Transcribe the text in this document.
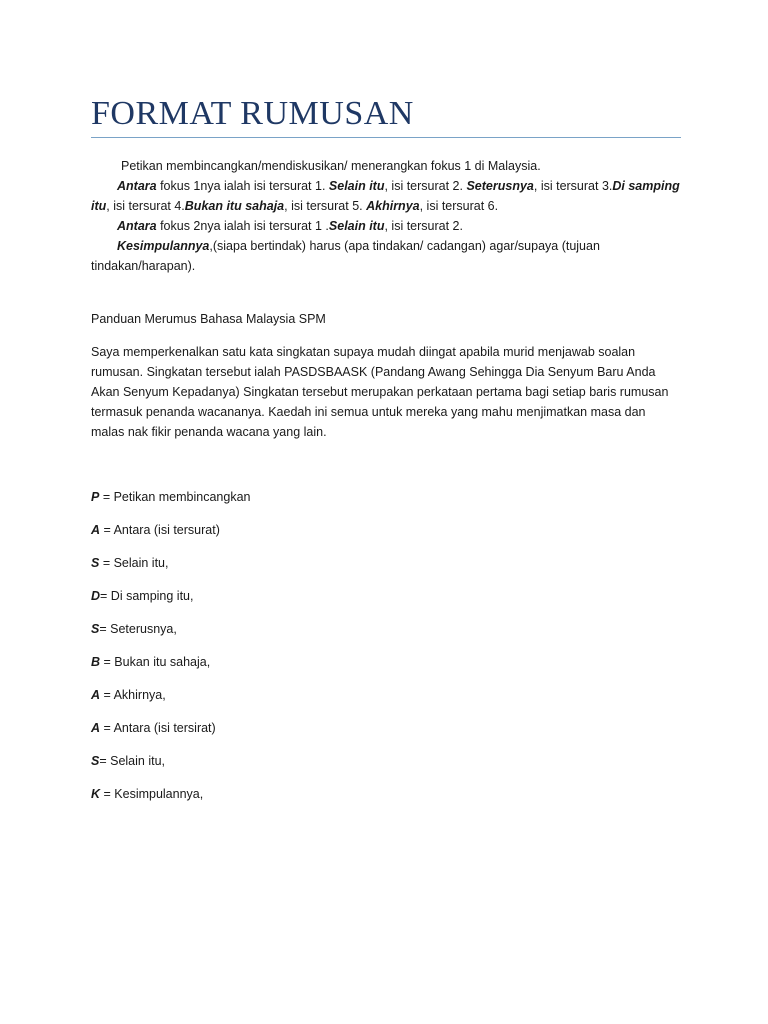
FORMAT RUMUSAN

Petikan membincangkan/mendiskusikan/ menerangkan fokus 1 di Malaysia.

Antara fokus 1nya ialah isi tersurat 1. Selain itu, isi tersurat 2. Seterusnya, isi tersurat 3.Di samping itu, isi tersurat 4.Bukan itu sahaja, isi tersurat 5. Akhirnya, isi tersurat 6.

Antara fokus 2nya ialah isi tersurat 1 .Selain itu, isi tersurat 2.

Kesimpulannya,(siapa bertindak) harus (apa tindakan/ cadangan) agar/supaya (tujuan tindakan/harapan).

Panduan Merumus Bahasa Malaysia SPM

Saya memperkenalkan satu kata singkatan supaya mudah diingat apabila murid menjawab soalan rumusan. Singkatan tersebut ialah PASDSBAASK (Pandang Awang Sehingga Dia Senyum Baru Anda Akan Senyum Kepadanya) Singkatan tersebut merupakan perkataan pertama bagi setiap baris rumusan termasuk penanda wacananya. Kaedah ini semua untuk mereka yang mahu menjimatkan masa dan malas nak fikir penanda wacana yang lain.

P = Petikan membincangkan
A = Antara (isi tersurat)
S = Selain itu,
D= Di samping itu,
S= Seterusnya,
B = Bukan itu sahaja,
A = Akhirnya,
A = Antara (isi tersirat)
S= Selain itu,
K = Kesimpulannya,
